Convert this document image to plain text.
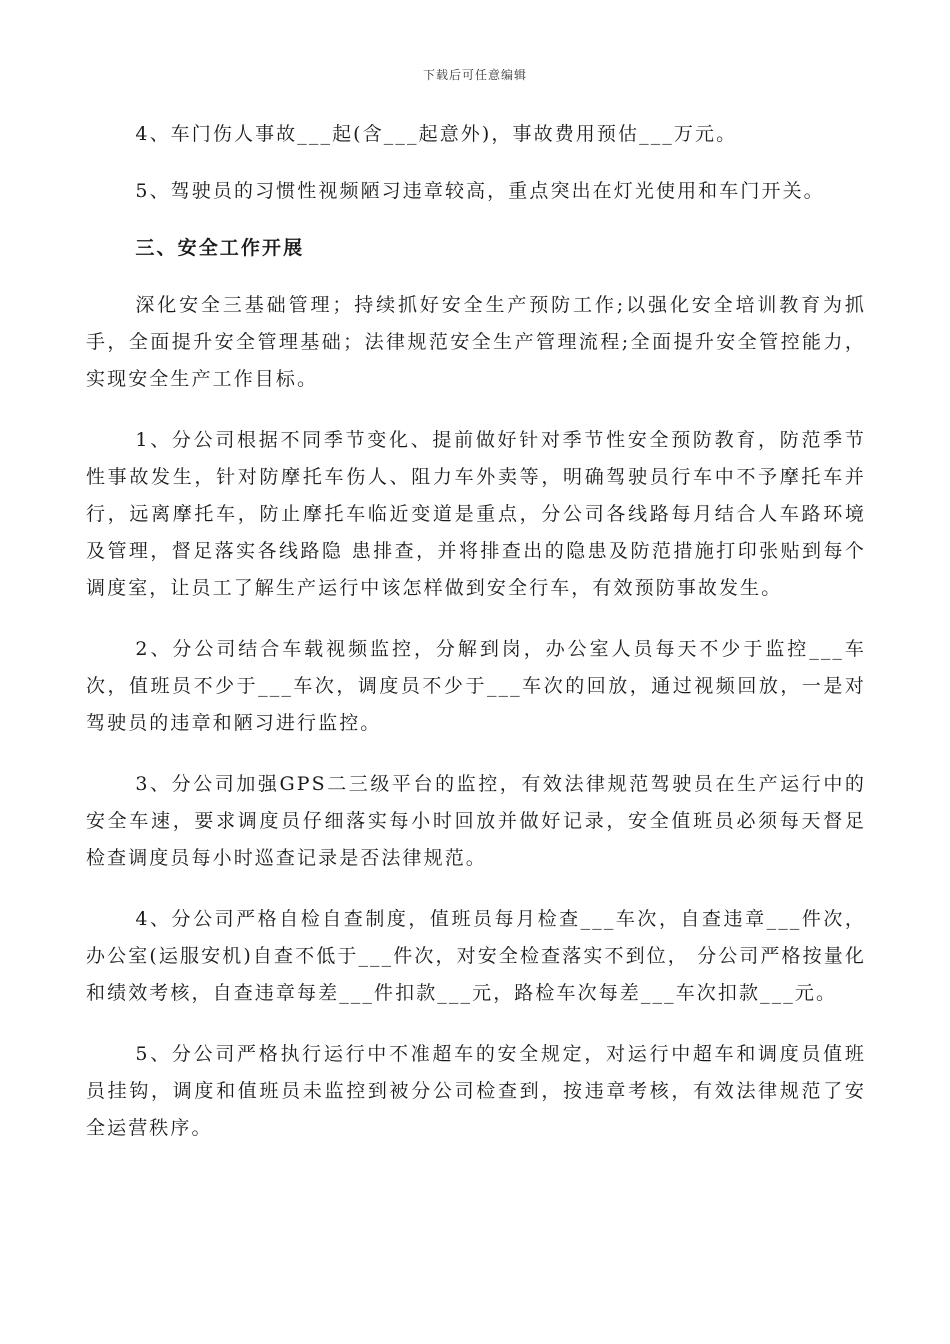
下载后可任意编辑

4、车门伤人事故___起(含___起意外)，事故费用预估___万元。

5、驾驶员的习惯性视频陋习违章较高，重点突出在灯光使用和车门开关。

三、安全工作开展

深化安全三基础管理；持续抓好安全生产预防工作;以强化安全培训教育为抓手，全面提升安全管理基础；法律规范安全生产管理流程;全面提升安全管控能力，实现安全生产工作目标。

1、分公司根据不同季节变化、提前做好针对季节性安全预防教育，防范季节性事故发生，针对防摩托车伤人、阻力车外卖等，明确驾驶员行车中不予摩托车并行，远离摩托车，防止摩托车临近变道是重点，分公司各线路每月结合人车路环境及管理，督足落实各线路隐 患排查，并将排查出的隐患及防范措施打印张贴到每个调度室，让员工了解生产运行中该怎样做到安全行车，有效预防事故发生。

2、分公司结合车载视频监控，分解到岗，办公室人员每天不少于监控___车次，值班员不少于___车次，调度员不少于___车次的回放，通过视频回放，一是对驾驶员的违章和陋习进行监控。

3、分公司加强GPS二三级平台的监控，有效法律规范驾驶员在生产运行中的安全车速，要求调度员仔细落实每小时回放并做好记录，安全值班员必须每天督足检查调度员每小时巡查记录是否法律规范。

4、分公司严格自检自查制度，值班员每月检查___车次，自查违章___件次，办公室(运服安机)自查不低于___件次，对安全检查落实不到位， 分公司严格按量化和绩效考核，自查违章每差___件扣款___元，路检车次每差___车次扣款___元。

5、分公司严格执行运行中不准超车的安全规定，对运行中超车和调度员值班员挂钩，调度和值班员未监控到被分公司检查到，按违章考核，有效法律规范了安全运营秩序。
